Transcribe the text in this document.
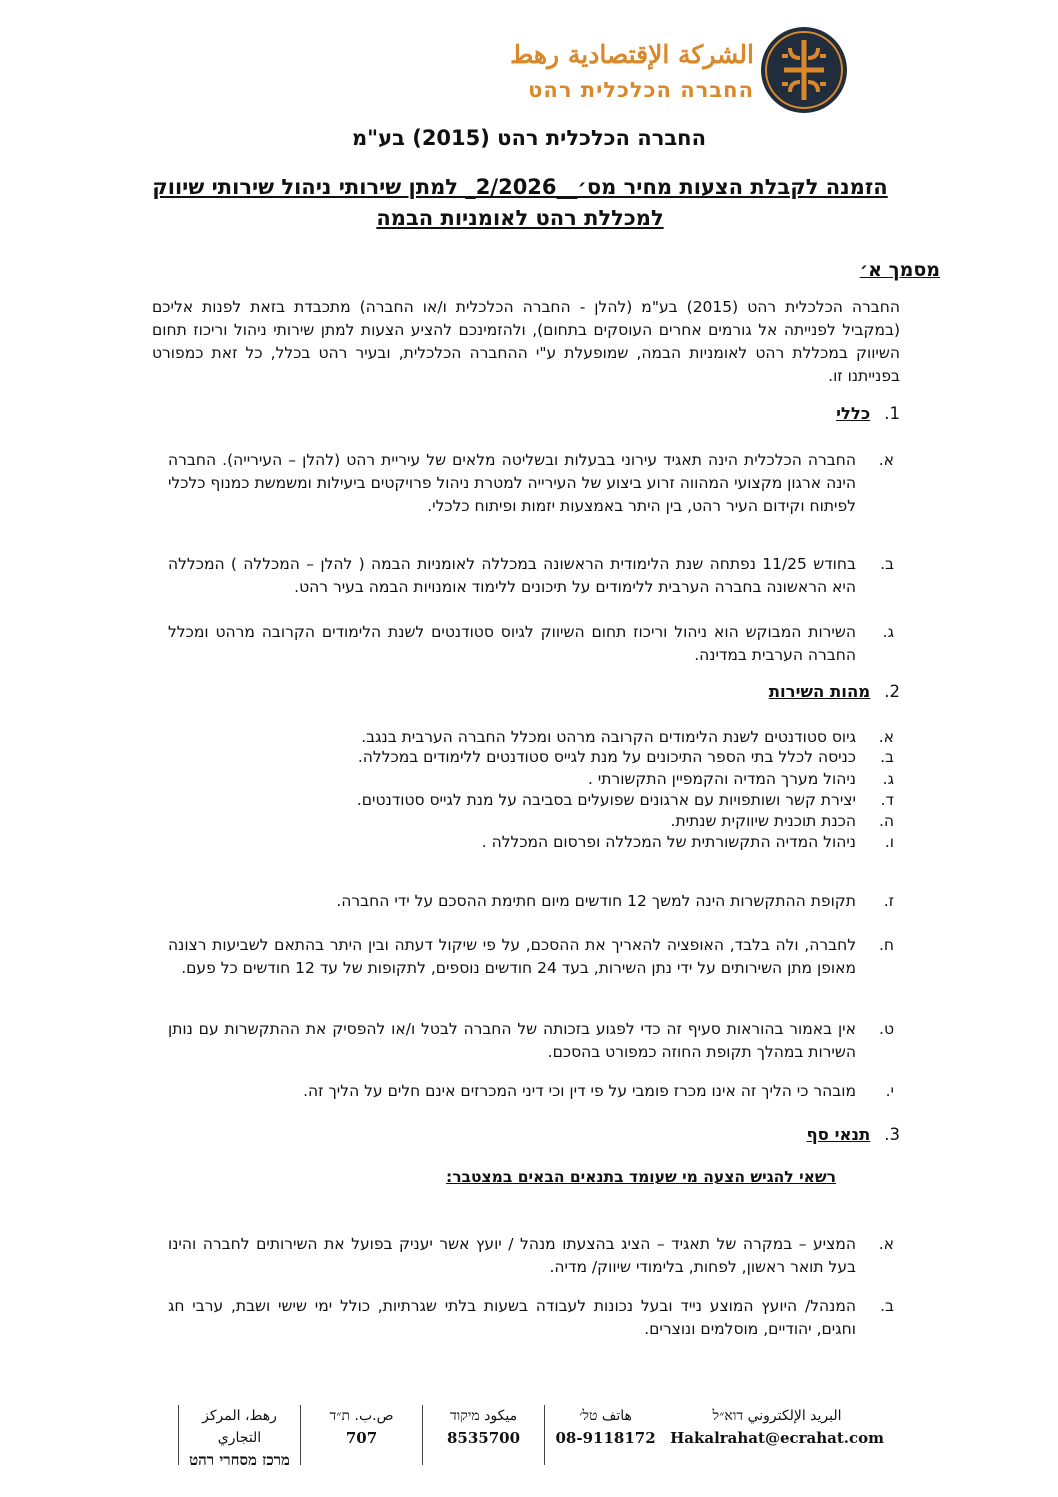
الشركة الإقتصادية رهط
החברה הכלכלית רהט
החברה הכלכלית רהט (2015) בע"מ
הזמנה לקבלת הצעות מחיר מס׳__2/2026_ למתן שירותי ניהול שירותי שיווק למכללת רהט לאומניות הבמה
מסמך א׳
החברה הכלכלית רהט (2015) בע"מ (להלן - החברה הכלכלית ו/או החברה) מתכבדת בזאת לפנות אליכם (במקביל לפנייתה אל גורמים אחרים העוסקים בתחום), ולהזמינכם להציע הצעות למתן שירותי ניהול וריכוז תחום השיווק במכללת רהט לאומניות הבמה, שמופעלת ע"י ההחברה הכלכלית, ובעיר רהט בכלל, כל זאת כמפורט בפנייתנו זו.
1.
כללי
א.
החברה הכלכלית הינה תאגיד עירוני בבעלות ובשליטה מלאים של עיריית רהט (להלן – העירייה). החברה הינה ארגון מקצועי המהווה זרוע ביצוע של העירייה למטרת ניהול פרויקטים ביעילות ומשמשת כמנוף כלכלי לפיתוח וקידום העיר רהט, בין היתר באמצעות יזמות ופיתוח כלכלי.
ב.
בחודש 11/25 נפתחה שנת הלימודית הראשונה במכללה לאומניות הבמה ( להלן – המכללה ) המכללה היא הראשונה בחברה הערבית ללימודים על תיכונים ללימוד אומנויות הבמה בעיר רהט.
ג.
השירות המבוקש הוא ניהול וריכוז תחום השיווק לגיוס סטודנטים לשנת הלימודים הקרובה מרהט ומכלל החברה הערבית במדינה.
2.
מהות השירות
א.
גיוס סטודנטים לשנת הלימודים הקרובה מרהט ומכלל החברה הערבית בנגב.
ב.
כניסה לכלל בתי הספר התיכונים על מנת לגייס סטודנטים ללימודים במכללה.
ג.
ניהול מערך המדיה והקמפיין התקשורתי .
ד.
יצירת קשר ושותפויות עם ארגונים שפועלים בסביבה על מנת לגייס סטודנטים.
ה.
הכנת תוכנית שיווקית שנתית.
ו.
ניהול המדיה התקשורתית של המכללה ופרסום המכללה .
ז.
תקופת ההתקשרות הינה למשך 12 חודשים מיום חתימת ההסכם על ידי החברה.
ח.
לחברה, ולה בלבד, האופציה להאריך את ההסכם, על פי שיקול דעתה ובין היתר בהתאם לשביעות רצונה מאופן מתן השירותים על ידי נתן השירות, בעד 24 חודשים נוספים, לתקופות של עד 12 חודשים כל פעם.
ט.
אין באמור בהוראות סעיף זה כדי לפגוע בזכותה של החברה לבטל ו/או להפסיק את ההתקשרות עם נותן השירות במהלך תקופת החוזה כמפורט בהסכם.
י.
מובהר כי הליך זה אינו מכרז פומבי על פי דין וכי דיני המכרזים אינם חלים על הליך זה.
3.
תנאי סף
רשאי להגיש הצעה מי שעומד בתנאים הבאים במצטבר:
א.
המציע – במקרה של תאגיד – הציג בהצעתו מנהל / יועץ אשר יעניק בפועל את השירותים לחברה והינו בעל תואר ראשון, לפחות, בלימודי שיווק/ מדיה.
ב.
המנהל/ היועץ המוצע נייד ובעל נכונות לעבודה בשעות בלתי שגרתיות, כולל ימי שישי ושבת, ערבי חג וחגים, יהודיים, מוסלמים ונוצרים.
رهط، المركز التجاري
מרכז מסחרי רהט
ص.ب. ת״ד
707
ميكود מיקוד
8535700
هاتف טל׳
08-9118172
البريد الإلكتروني דוא״ל
Hakalrahat@ecrahat.com
